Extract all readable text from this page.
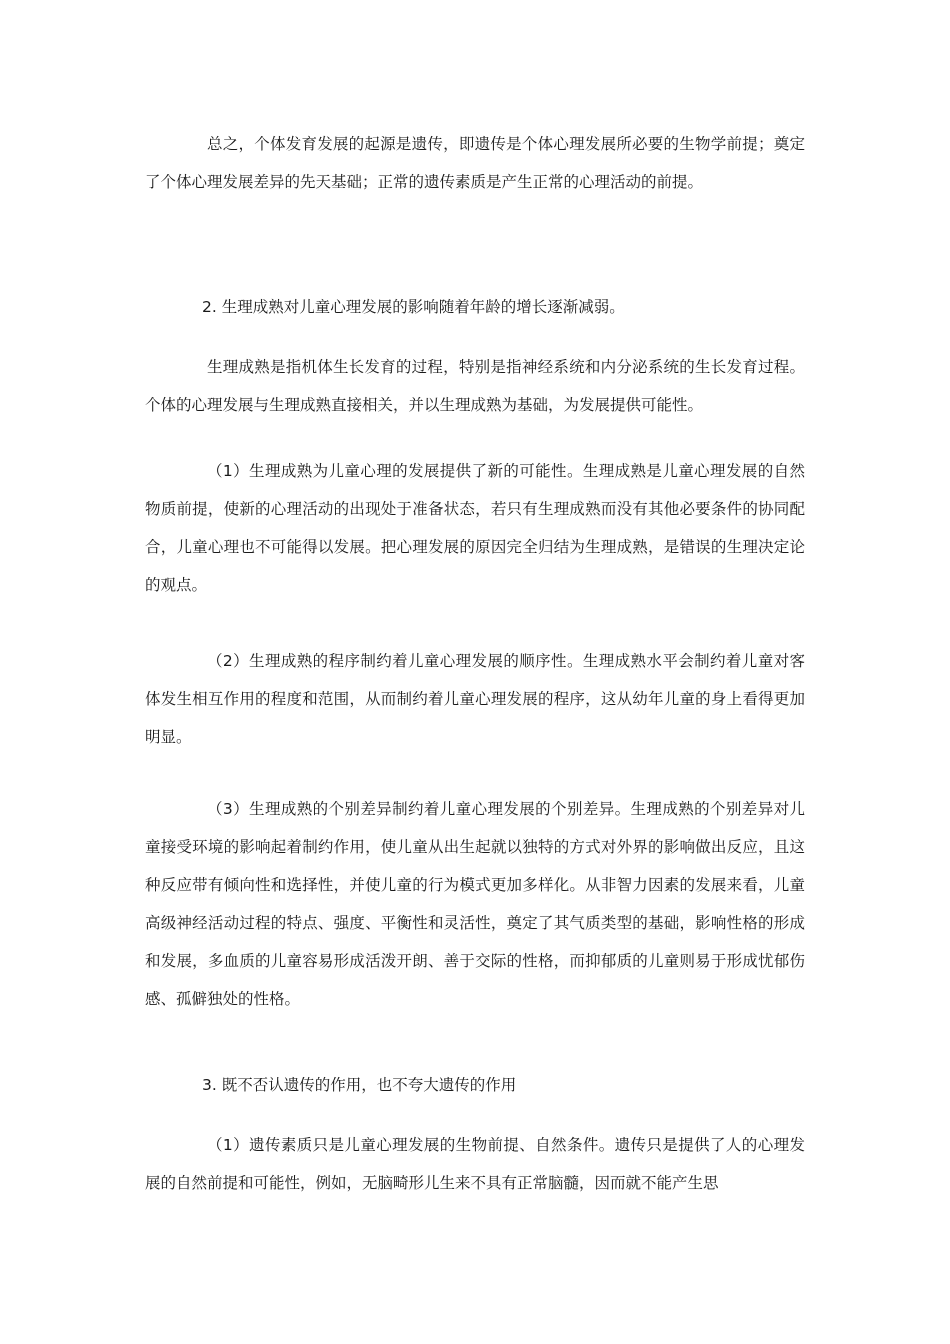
总之，个体发育发展的起源是遗传，即遗传是个体心理发展所必要的生物学前提；奠定了个体心理发展差异的先天基础；正常的遗传素质是产生正常的心理活动的前提。

2. 生理成熟对儿童心理发展的影响随着年龄的增长逐渐减弱。

生理成熟是指机体生长发育的过程，特别是指神经系统和内分泌系统的生长发育过程。个体的心理发展与生理成熟直接相关，并以生理成熟为基础，为发展提供可能性。

（1）生理成熟为儿童心理的发展提供了新的可能性。生理成熟是儿童心理发展的自然物质前提，使新的心理活动的出现处于准备状态，若只有生理成熟而没有其他必要条件的协同配合，儿童心理也不可能得以发展。把心理发展的原因完全归结为生理成熟，是错误的生理决定论的观点。

（2）生理成熟的程序制约着儿童心理发展的顺序性。生理成熟水平会制约着儿童对客体发生相互作用的程度和范围，从而制约着儿童心理发展的程序，这从幼年儿童的身上看得更加明显。

（3）生理成熟的个别差异制约着儿童心理发展的个别差异。生理成熟的个别差异对儿童接受环境的影响起着制约作用，使儿童从出生起就以独特的方式对外界的影响做出反应，且这种反应带有倾向性和选择性，并使儿童的行为模式更加多样化。从非智力因素的发展来看，儿童高级神经活动过程的特点、强度、平衡性和灵活性，奠定了其气质类型的基础，影响性格的形成和发展，多血质的儿童容易形成活泼开朗、善于交际的性格，而抑郁质的儿童则易于形成忧郁伤感、孤僻独处的性格。

3. 既不否认遗传的作用，也不夸大遗传的作用

（1）遗传素质只是儿童心理发展的生物前提、自然条件。遗传只是提供了人的心理发展的自然前提和可能性，例如，无脑畸形儿生来不具有正常脑髓，因而就不能产生思
